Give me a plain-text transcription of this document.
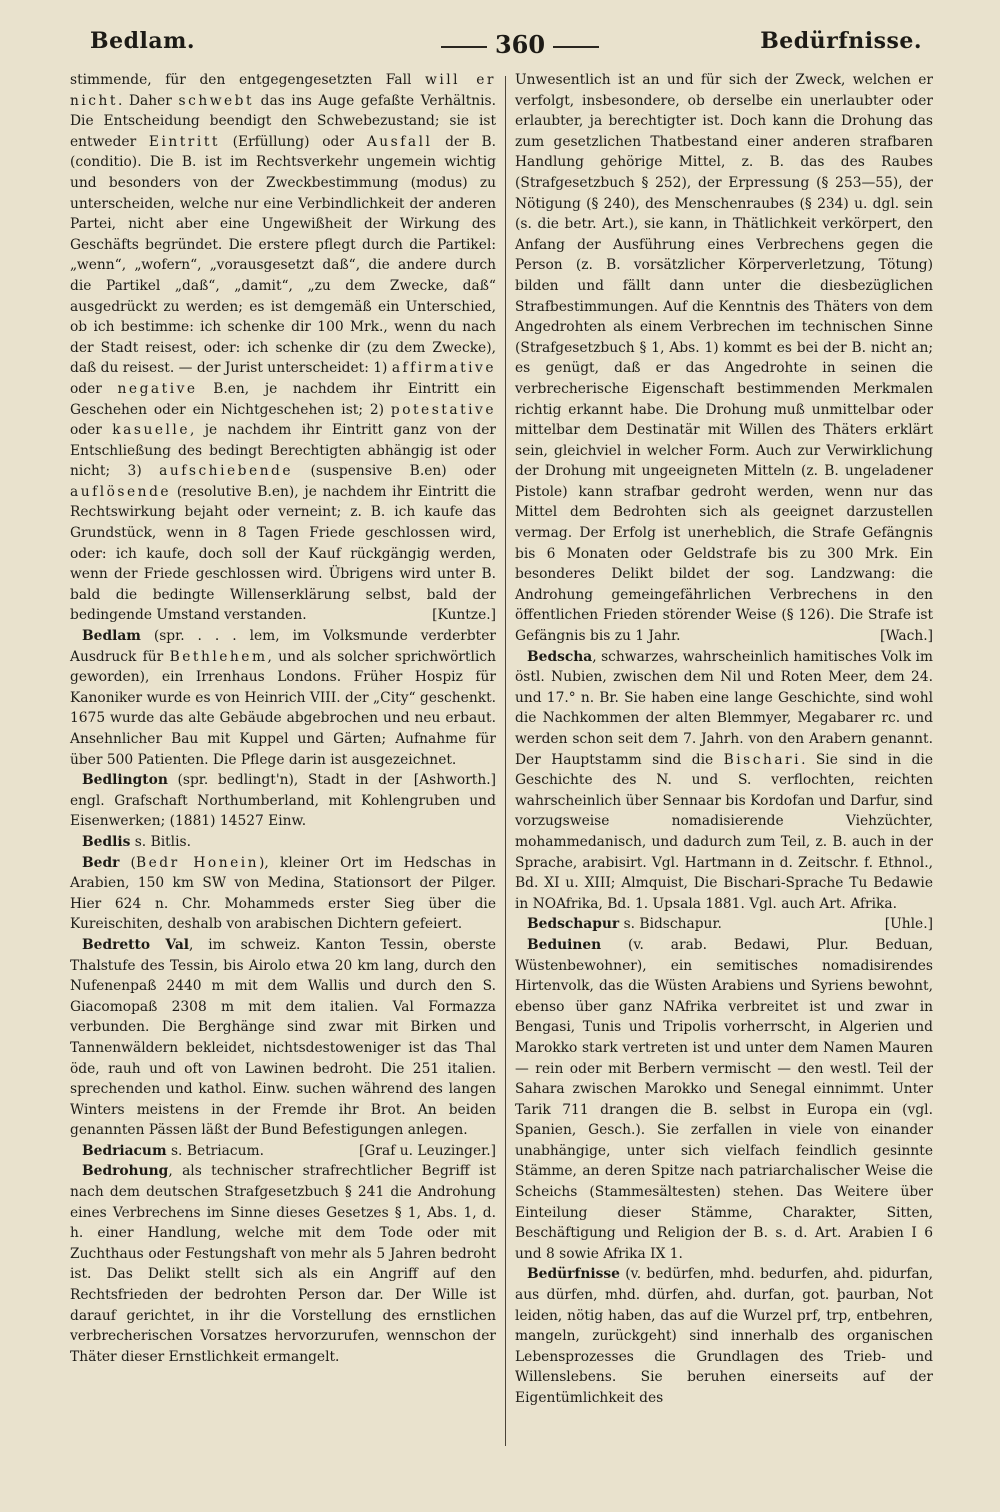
Bedlam.	360	Bedürfnisse.

stimmende, für den entgegengesetzten Fall will er nicht. Daher schwebt das ins Auge gefaßte Verhältnis. Die Entscheidung beendigt den Schwebezustand; sie ist entweder Eintritt (Erfüllung) oder Ausfall der B. (conditio). Die B. ist im Rechtsverkehr ungemein wichtig und besonders von der Zweckbestimmung (modus) zu unterscheiden, welche nur eine Verbindlichkeit der anderen Partei, nicht aber eine Ungewißheit der Wirkung des Geschäfts begründet. Die erstere pflegt durch die Partikel: „wenn“, „wofern“, „vorausgesetzt daß“, die andere durch die Partikel „daß“, „damit“, „zu dem Zwecke, daß“ ausgedrückt zu werden; es ist demgemäß ein Unterschied, ob ich bestimme: ich schenke dir 100 Mrk., wenn du nach der Stadt reisest, oder: ich schenke dir (zu dem Zwecke), daß du reisest. — der Jurist unterscheidet: 1) affirmative oder negative B.en, je nachdem ihr Eintritt ein Geschehen oder ein Nichtgeschehen ist; 2) potestative oder kasuelle, je nachdem ihr Eintritt ganz von der Entschließung des bedingt Berechtigten abhängig ist oder nicht; 3) aufschiebende (suspensive B.en) oder auflösende (resolutive B.en), je nachdem ihr Eintritt die Rechtswirkung bejaht oder verneint; z. B. ich kaufe das Grundstück, wenn in 8 Tagen Friede geschlossen wird, oder: ich kaufe, doch soll der Kauf rückgängig werden, wenn der Friede geschlossen wird. Übrigens wird unter B. bald die bedingte Willenserklärung selbst, bald der bedingende Umstand verstanden.	[Kuntze.]

Bedlam (spr. . . . lem, im Volksmunde verderbter Ausdruck für Bethlehem, und als solcher sprichwörtlich geworden), ein Irrenhaus Londons. Früher Hospiz für Kanoniker wurde es von Heinrich VIII. der „City“ geschenkt. 1675 wurde das alte Gebäude abgebrochen und neu erbaut. Ansehnlicher Bau mit Kuppel und Gärten; Aufnahme für über 500 Patienten. Die Pflege darin ist ausgezeichnet.
[Ashworth.]

Bedlington (spr. bedlingt'n), Stadt in der engl. Grafschaft Northumberland, mit Kohlengruben und Eisenwerken; (1881) 14527 Einw.

Bedlis s. Bitlis.

Bedr (Bedr Honein), kleiner Ort im Hedschas in Arabien, 150 km SW von Medina, Stationsort der Pilger. Hier 624 n. Chr. Mohammeds erster Sieg über die Kureischiten, deshalb von arabischen Dichtern gefeiert.

Bedretto Val, im schweiz. Kanton Tessin, oberste Thalstufe des Tessin, bis Airolo etwa 20 km lang, durch den Nufenenpaß 2440 m mit dem Wallis und durch den S. Giacomopaß 2308 m mit dem italien. Val Formazza verbunden. Die Berghänge sind zwar mit Birken und Tannenwäldern bekleidet, nichtsdestoweniger ist das Thal öde, rauh und oft von Lawinen bedroht. Die 251 italien. sprechenden und kathol. Einw. suchen während des langen Winters meistens in der Fremde ihr Brot. An beiden genannten Pässen läßt der Bund Befestigungen anlegen.
[Graf u. Leuzinger.]

Bedriacum s. Betriacum.

Bedrohung, als technischer strafrechtlicher Begriff ist nach dem deutschen Strafgesetzbuch § 241 die Androhung eines Verbrechens im Sinne dieses Gesetzes § 1, Abs. 1, d. h. einer Handlung, welche mit dem Tode oder mit Zuchthaus oder Festungshaft von mehr als 5 Jahren bedroht ist. Das Delikt stellt sich als ein Angriff auf den Rechtsfrieden der bedrohten Person dar. Der Wille ist darauf gerichtet, in ihr die Vorstellung des ernstlichen verbrecherischen Vorsatzes hervorzurufen, wennschon der Thäter dieser Ernstlichkeit ermangelt.

Unwesentlich ist an und für sich der Zweck, welchen er verfolgt, insbesondere, ob derselbe ein unerlaubter oder erlaubter, ja berechtigter ist. Doch kann die Drohung das zum gesetzlichen Thatbestand einer anderen strafbaren Handlung gehörige Mittel, z. B. das des Raubes (Strafgesetzbuch § 252), der Erpressung (§ 253—55), der Nötigung (§ 240), des Menschenraubes (§ 234) u. dgl. sein (s. die betr. Art.), sie kann, in Thätlichkeit verkörpert, den Anfang der Ausführung eines Verbrechens gegen die Person (z. B. vorsätzlicher Körperverletzung, Tötung) bilden und fällt dann unter die diesbezüglichen Strafbestimmungen. Auf die Kenntnis des Thäters von dem Angedrohten als einem Verbrechen im technischen Sinne (Strafgesetzbuch § 1, Abs. 1) kommt es bei der B. nicht an; es genügt, daß er das Angedrohte in seinen die verbrecherische Eigenschaft bestimmenden Merkmalen richtig erkannt habe. Die Drohung muß unmittelbar oder mittelbar dem Destinatär mit Willen des Thäters erklärt sein, gleichviel in welcher Form. Auch zur Verwirklichung der Drohung mit ungeeigneten Mitteln (z. B. ungeladener Pistole) kann strafbar gedroht werden, wenn nur das Mittel dem Bedrohten sich als geeignet darzustellen vermag. Der Erfolg ist unerheblich, die Strafe Gefängnis bis 6 Monaten oder Geldstrafe bis zu 300 Mrk. Ein besonderes Delikt bildet der sog. Landzwang: die Androhung gemeingefährlichen Verbrechens in den öffentlichen Frieden störender Weise (§ 126). Die Strafe ist Gefängnis bis zu 1 Jahr.	[Wach.]

Bedscha, schwarzes, wahrscheinlich hamitisches Volk im östl. Nubien, zwischen dem Nil und Roten Meer, dem 24. und 17.° n. Br. Sie haben eine lange Geschichte, sind wohl die Nachkommen der alten Blemmyer, Megabarer rc. und werden schon seit dem 7. Jahrh. von den Arabern genannt. Der Hauptstamm sind die Bischari. Sie sind in die Geschichte des N. und S. verflochten, reichten wahrscheinlich über Sennaar bis Kordofan und Darfur, sind vorzugsweise nomadisierende Viehzüchter, mohammedanisch, und dadurch zum Teil, z. B. auch in der Sprache, arabisirt. Vgl. Hartmann in d. Zeitschr. f. Ethnol., Bd. XI u. XIII; Almquist, Die Bischari-Sprache Tu Bedawie in NOAfrika, Bd. 1. Upsala 1881. Vgl. auch Art. Afrika.
[Uhle.]

Bedschapur s. Bidschapur.

Beduinen (v. arab. Bedawi, Plur. Beduan, Wüstenbewohner), ein semitisches nomadisirendes Hirtenvolk, das die Wüsten Arabiens und Syriens bewohnt, ebenso über ganz NAfrika verbreitet ist und zwar in Bengasi, Tunis und Tripolis vorherrscht, in Algerien und Marokko stark vertreten ist und unter dem Namen Mauren — rein oder mit Berbern vermischt — den westl. Teil der Sahara zwischen Marokko und Senegal einnimmt. Unter Tarik 711 drangen die B. selbst in Europa ein (vgl. Spanien, Gesch.). Sie zerfallen in viele von einander unabhängige, unter sich vielfach feindlich gesinnte Stämme, an deren Spitze nach patriarchalischer Weise die Scheichs (Stammesältesten) stehen. Das Weitere über Einteilung dieser Stämme, Charakter, Sitten, Beschäftigung und Religion der B. s. d. Art. Arabien I 6 und 8 sowie Afrika IX 1.

Bedürfnisse (v. bedürfen, mhd. bedurfen, ahd. pidurfan, aus dürfen, mhd. dürfen, ahd. durfan, got. þaurban, Not leiden, nötig haben, das auf die Wurzel prf, trp, entbehren, mangeln, zurückgeht) sind innerhalb des organischen Lebensprozesses die Grundlagen des Trieb- und Willenslebens. Sie beruhen einerseits auf der Eigentümlichkeit des
